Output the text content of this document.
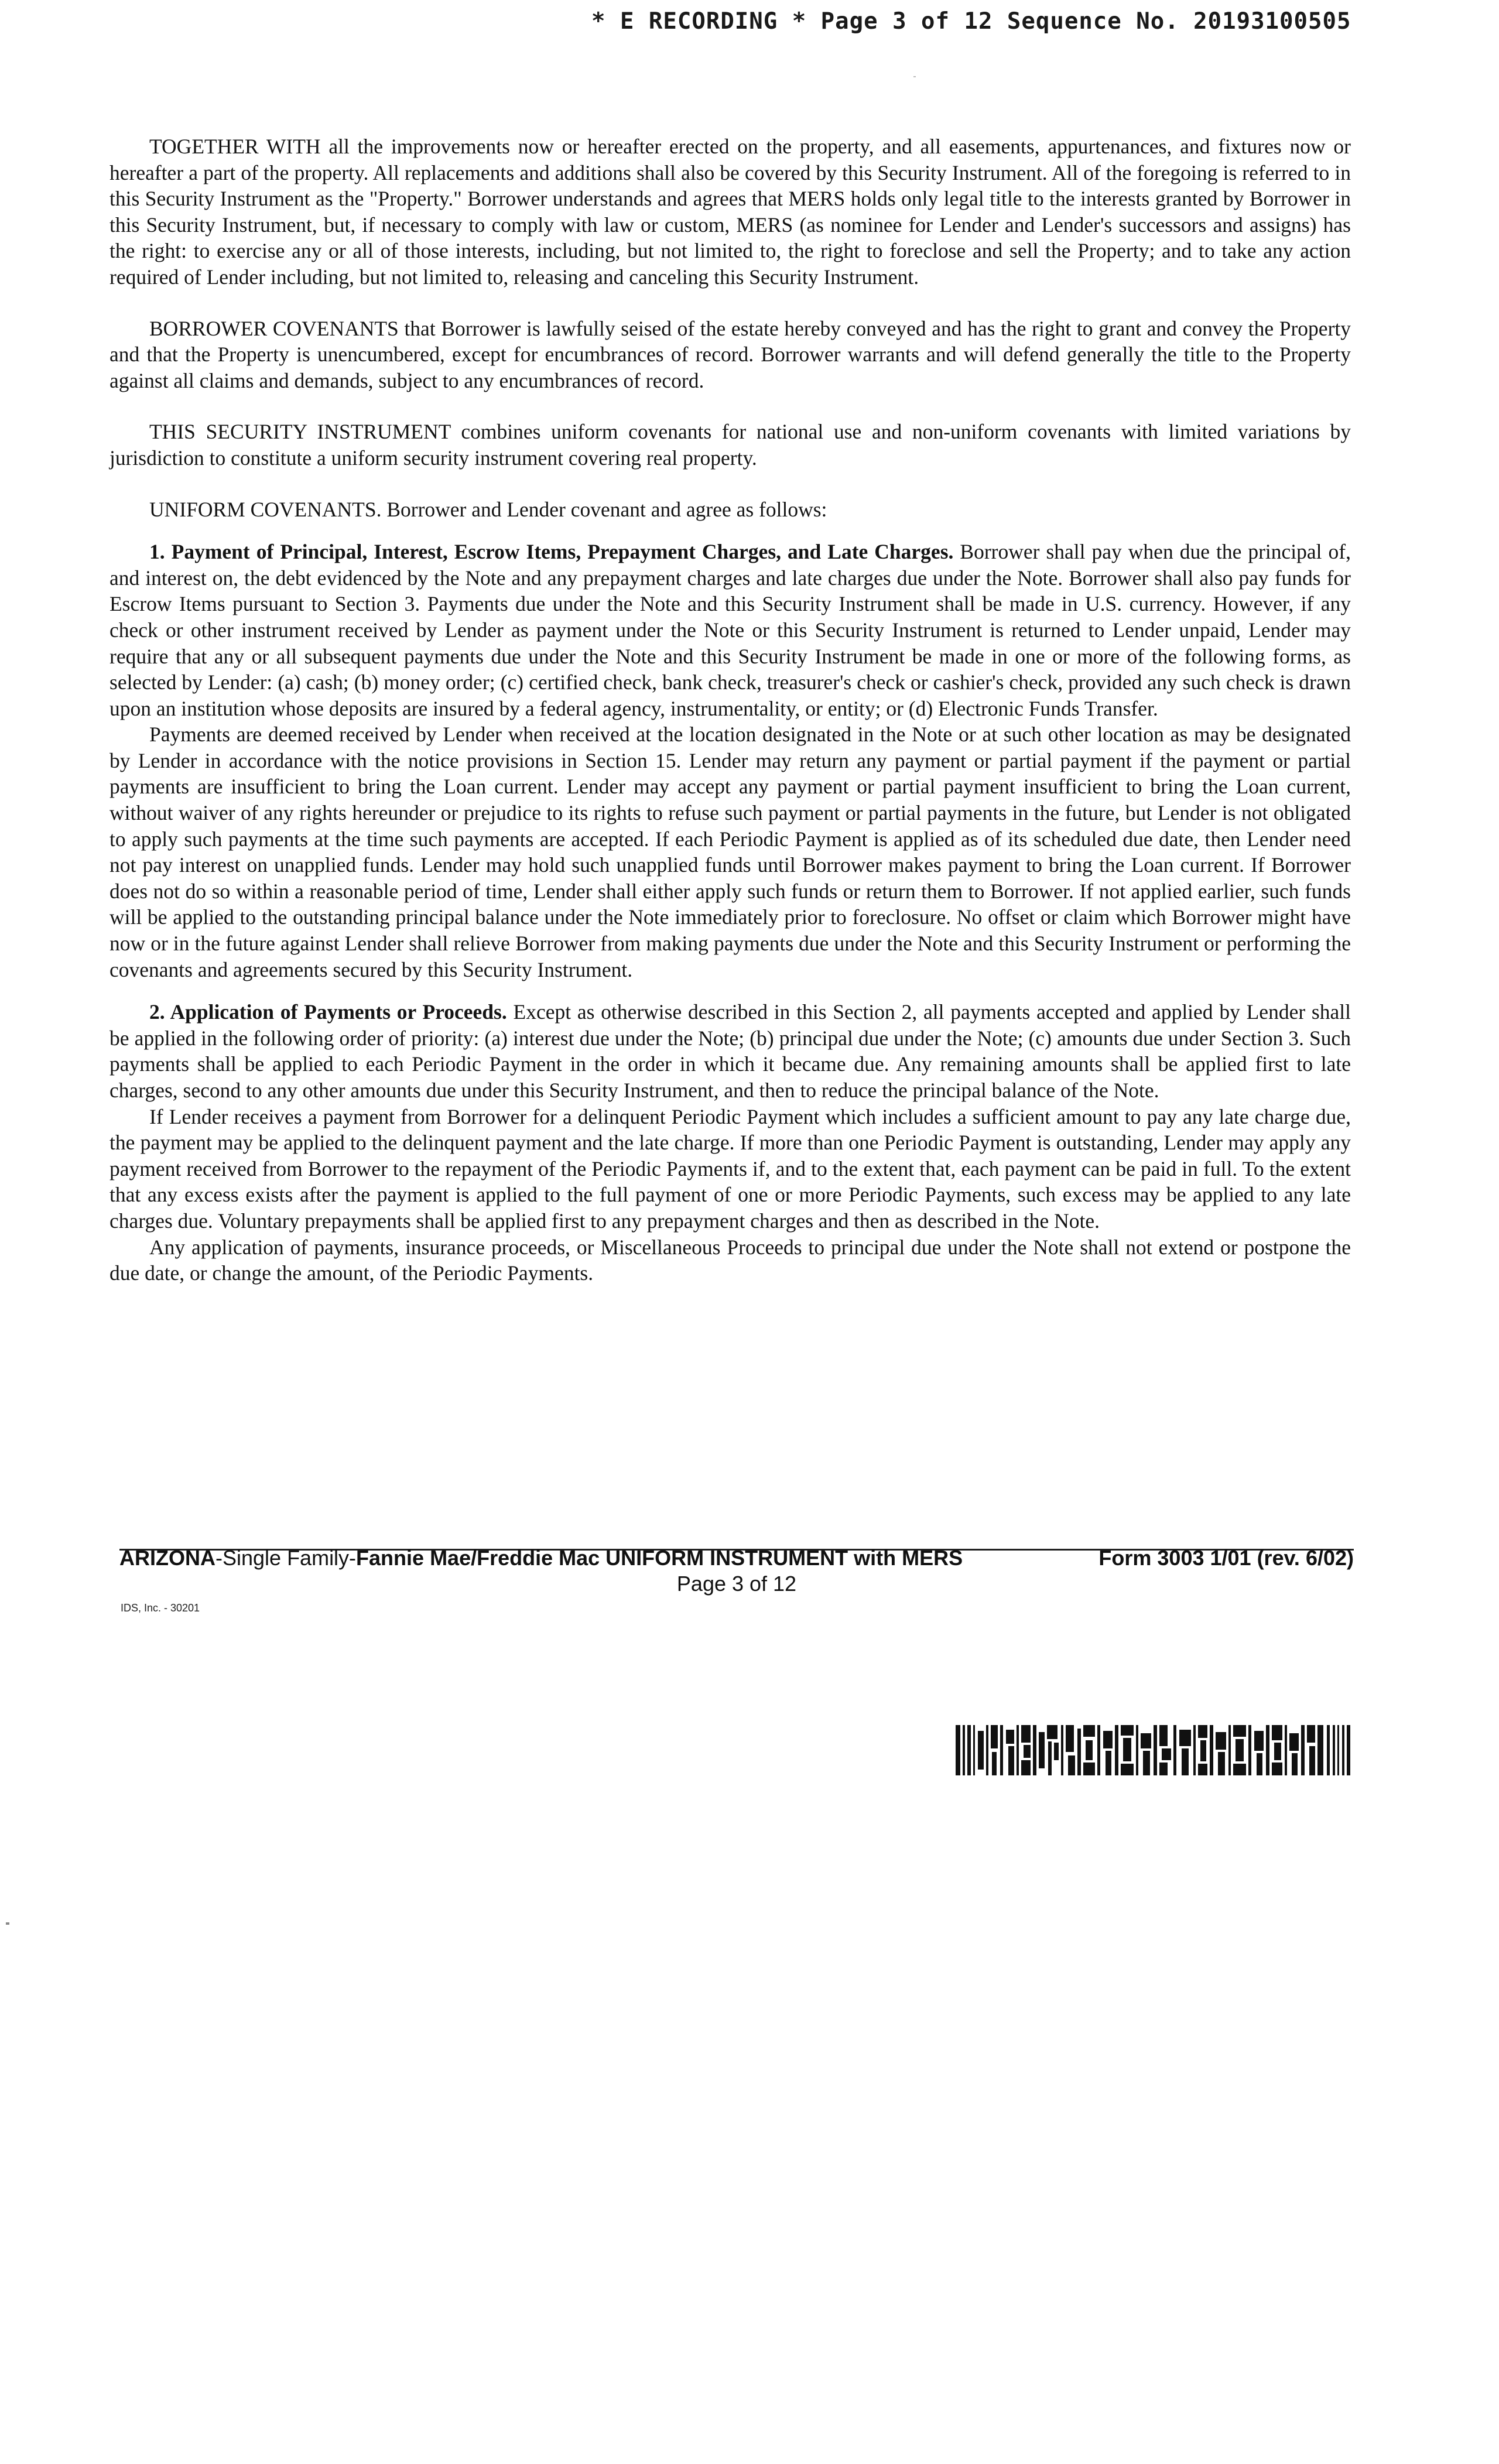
* E RECORDING * Page 3 of 12 Sequence No. 20193100505

TOGETHER WITH all the improvements now or hereafter erected on the property, and all easements, appurtenances, and fixtures now or hereafter a part of the property. All replacements and additions shall also be covered by this Security Instrument. All of the foregoing is referred to in this Security Instrument as the "Property." Borrower understands and agrees that MERS holds only legal title to the interests granted by Borrower in this Security Instrument, but, if necessary to comply with law or custom, MERS (as nominee for Lender and Lender's successors and assigns) has the right: to exercise any or all of those interests, including, but not limited to, the right to foreclose and sell the Property; and to take any action required of Lender including, but not limited to, releasing and canceling this Security Instrument.

BORROWER COVENANTS that Borrower is lawfully seised of the estate hereby conveyed and has the right to grant and convey the Property and that the Property is unencumbered, except for encumbrances of record. Borrower warrants and will defend generally the title to the Property against all claims and demands, subject to any encumbrances of record.

THIS SECURITY INSTRUMENT combines uniform covenants for national use and non-uniform covenants with limited variations by jurisdiction to constitute a uniform security instrument covering real property.

UNIFORM COVENANTS. Borrower and Lender covenant and agree as follows:

1. Payment of Principal, Interest, Escrow Items, Prepayment Charges, and Late Charges. Borrower shall pay when due the principal of, and interest on, the debt evidenced by the Note and any prepayment charges and late charges due under the Note. Borrower shall also pay funds for Escrow Items pursuant to Section 3. Payments due under the Note and this Security Instrument shall be made in U.S. currency. However, if any check or other instrument received by Lender as payment under the Note or this Security Instrument is returned to Lender unpaid, Lender may require that any or all subsequent payments due under the Note and this Security Instrument be made in one or more of the following forms, as selected by Lender: (a) cash; (b) money order; (c) certified check, bank check, treasurer's check or cashier's check, provided any such check is drawn upon an institution whose deposits are insured by a federal agency, instrumentality, or entity; or (d) Electronic Funds Transfer.

Payments are deemed received by Lender when received at the location designated in the Note or at such other location as may be designated by Lender in accordance with the notice provisions in Section 15. Lender may return any payment or partial payment if the payment or partial payments are insufficient to bring the Loan current. Lender may accept any payment or partial payment insufficient to bring the Loan current, without waiver of any rights hereunder or prejudice to its rights to refuse such payment or partial payments in the future, but Lender is not obligated to apply such payments at the time such payments are accepted. If each Periodic Payment is applied as of its scheduled due date, then Lender need not pay interest on unapplied funds. Lender may hold such unapplied funds until Borrower makes payment to bring the Loan current. If Borrower does not do so within a reasonable period of time, Lender shall either apply such funds or return them to Borrower. If not applied earlier, such funds will be applied to the outstanding principal balance under the Note immediately prior to foreclosure. No offset or claim which Borrower might have now or in the future against Lender shall relieve Borrower from making payments due under the Note and this Security Instrument or performing the covenants and agreements secured by this Security Instrument.

2. Application of Payments or Proceeds. Except as otherwise described in this Section 2, all payments accepted and applied by Lender shall be applied in the following order of priority: (a) interest due under the Note; (b) principal due under the Note; (c) amounts due under Section 3. Such payments shall be applied to each Periodic Payment in the order in which it became due. Any remaining amounts shall be applied first to late charges, second to any other amounts due under this Security Instrument, and then to reduce the principal balance of the Note.

If Lender receives a payment from Borrower for a delinquent Periodic Payment which includes a sufficient amount to pay any late charge due, the payment may be applied to the delinquent payment and the late charge. If more than one Periodic Payment is outstanding, Lender may apply any payment received from Borrower to the repayment of the Periodic Payments if, and to the extent that, each payment can be paid in full. To the extent that any excess exists after the payment is applied to the full payment of one or more Periodic Payments, such excess may be applied to any late charges due. Voluntary prepayments shall be applied first to any prepayment charges and then as described in the Note.

Any application of payments, insurance proceeds, or Miscellaneous Proceeds to principal due under the Note shall not extend or postpone the due date, or change the amount, of the Periodic Payments.

ARIZONA-Single Family-Fannie Mae/Freddie Mac UNIFORM INSTRUMENT with MERS	Form 3003 1/01 (rev. 6/02)
Page 3 of 12
IDS, Inc. - 30201
